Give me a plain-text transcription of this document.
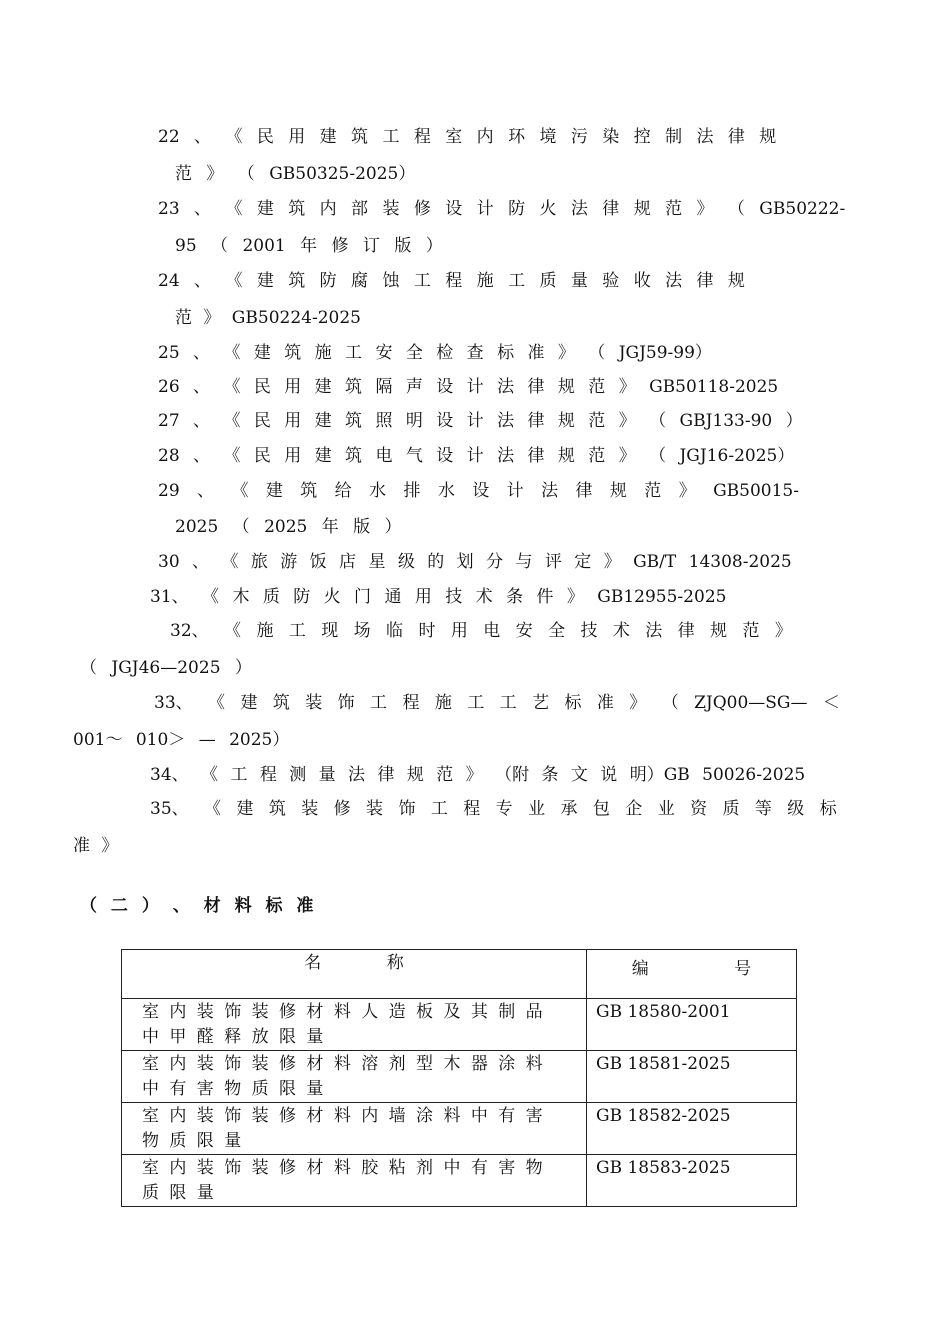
22 、 《 民 用 建 筑 工 程 室 内 环 境 污 染 控 制 法 律 规
范 》 （ GB50325-2025）
23 、 《 建 筑 内 部 装 修 设 计 防 火 法 律 规 范 》 （ GB50222-
95 （ 2001 年 修 订 版 ）
24 、 《 建 筑 防 腐 蚀 工 程 施 工 质 量 验 收 法 律 规
范 》 GB50224-2025
25 、 《 建 筑 施 工 安 全 检 查 标 准 》 （ JGJ59-99）
26 、 《 民 用 建 筑 隔 声 设 计 法 律 规 范 》 GB50118-2025
27 、 《 民 用 建 筑 照 明 设 计 法 律 规 范 》 （ GBJ133-90 ）
28 、 《 民 用 建 筑 电 气 设 计 法 律 规 范 》 （ JGJ16-2025）
29 、 《 建 筑 给 水 排 水 设 计 法 律 规 范 》 GB50015-
2025 （ 2025 年 版 ）
30 、 《 旅 游 饭 店 星 级 的 划 分 与 评 定 》 GB/T 14308-2025
31、 《 木 质 防 火 门 通 用 技 术 条 件 》 GB12955-2025
32、 《 施 工 现 场 临 时 用 电 安 全 技 术 法 律 规 范 》
（ JGJ46—2025 ）
33、 《 建 筑 装 饰 工 程 施 工 工 艺 标 准 》 （ ZJQ00—SG— ＜
001～ 010＞ — 2025）
34、 《 工 程 测 量 法 律 规 范 》 （附 条 文 说 明）GB 50026-2025
35、 《 建 筑 装 修 装 饰 工 程 专 业 承 包 企 业 资 质 等 级 标
准 》
（ 二 ） 、 材 料 标 准
名 称	编 号

室 内 装 饰 装 修 材 料 人 造 板 及 其 制 品 中 甲 醛 释 放 限 量	GB 18580-2001

室 内 装 饰 装 修 材 料 溶 剂 型 木 器 涂 料 中 有 害 物 质 限 量	GB 18581-2025

室 内 装 饰 装 修 材 料 内 墙 涂 料 中 有 害 物 质 限 量	GB 18582-2025

室 内 装 饰 装 修 材 料 胶 粘 剂 中 有 害 物 质 限 量	GB 18583-2025
